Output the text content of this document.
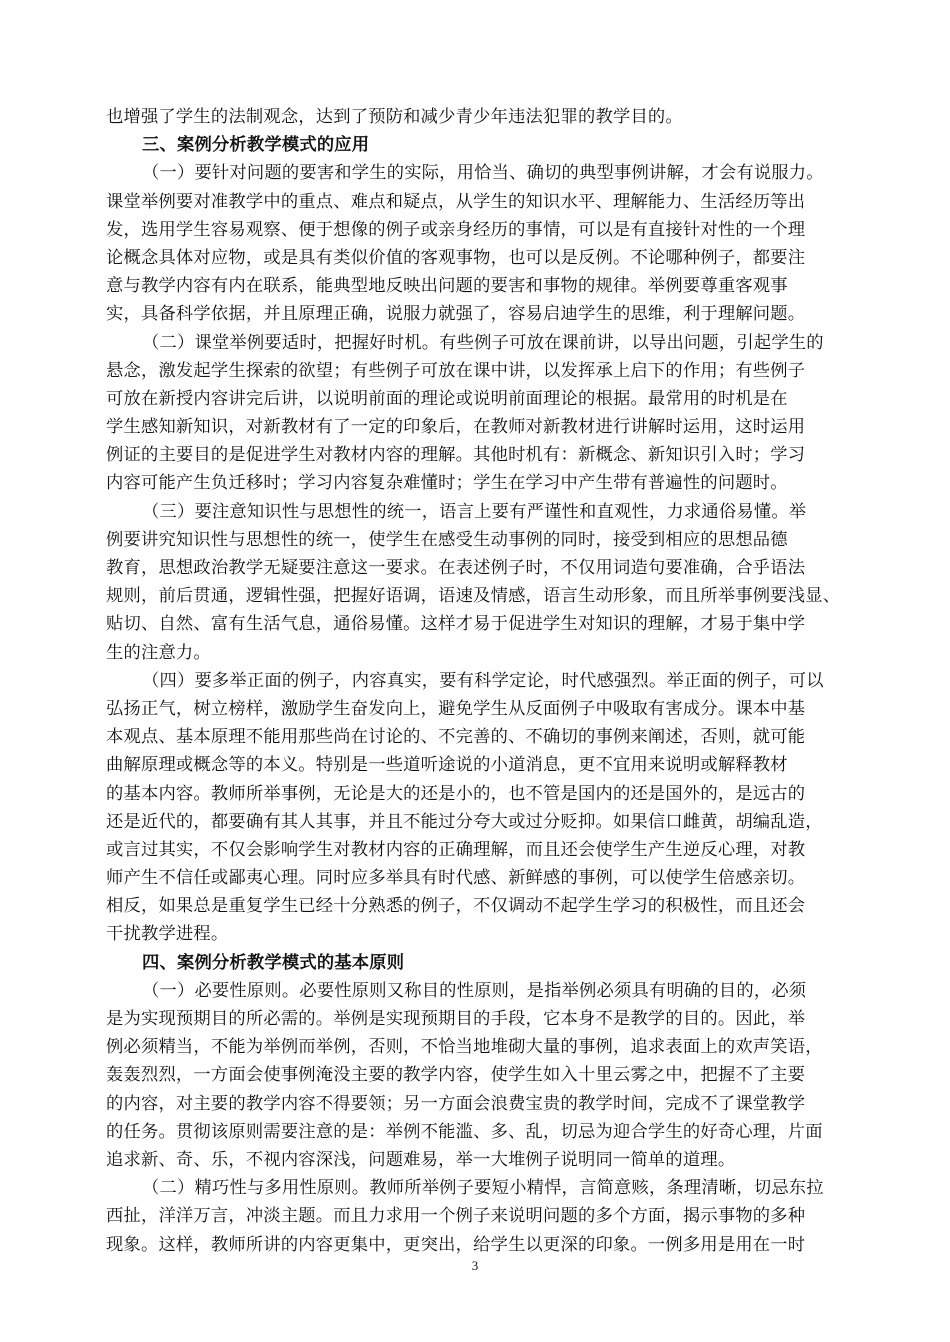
也增强了学生的法制观念，达到了预防和减少青少年违法犯罪的教学目的。
三、案例分析教学模式的应用
（一）要针对问题的要害和学生的实际，用恰当、确切的典型事例讲解，才会有说服力。
课堂举例要对准教学中的重点、难点和疑点，从学生的知识水平、理解能力、生活经历等出
发，选用学生容易观察、便于想像的例子或亲身经历的事情，可以是有直接针对性的一个理
论概念具体对应物，或是具有类似价值的客观事物，也可以是反例。不论哪种例子，都要注
意与教学内容有内在联系，能典型地反映出问题的要害和事物的规律。举例要尊重客观事
实，具备科学依据，并且原理正确，说服力就强了，容易启迪学生的思维，利于理解问题。
（二）课堂举例要适时，把握好时机。有些例子可放在课前讲，以导出问题，引起学生的
悬念，激发起学生探索的欲望；有些例子可放在课中讲，以发挥承上启下的作用；有些例子
可放在新授内容讲完后讲，以说明前面的理论或说明前面理论的根据。最常用的时机是在
学生感知新知识，对新教材有了一定的印象后，在教师对新教材进行讲解时运用，这时运用
例证的主要目的是促进学生对教材内容的理解。其他时机有：新概念、新知识引入时；学习
内容可能产生负迁移时；学习内容复杂难懂时；学生在学习中产生带有普遍性的问题时。
（三）要注意知识性与思想性的统一，语言上要有严谨性和直观性，力求通俗易懂。举
例要讲究知识性与思想性的统一，使学生在感受生动事例的同时，接受到相应的思想品德
教育，思想政治教学无疑要注意这一要求。在表述例子时，不仅用词造句要准确，合乎语法
规则，前后贯通，逻辑性强，把握好语调，语速及情感，语言生动形象，而且所举事例要浅显、
贴切、自然、富有生活气息，通俗易懂。这样才易于促进学生对知识的理解，才易于集中学
生的注意力。
（四）要多举正面的例子，内容真实，要有科学定论，时代感强烈。举正面的例子，可以
弘扬正气，树立榜样，激励学生奋发向上，避免学生从反面例子中吸取有害成分。课本中基
本观点、基本原理不能用那些尚在讨论的、不完善的、不确切的事例来阐述，否则，就可能
曲解原理或概念等的本义。特别是一些道听途说的小道消息，更不宜用来说明或解释教材
的基本内容。教师所举事例，无论是大的还是小的，也不管是国内的还是国外的，是远古的
还是近代的，都要确有其人其事，并且不能过分夸大或过分贬抑。如果信口雌黄，胡编乱造，
或言过其实，不仅会影响学生对教材内容的正确理解，而且还会使学生产生逆反心理，对教
师产生不信任或鄙夷心理。同时应多举具有时代感、新鲜感的事例，可以使学生倍感亲切。
相反，如果总是重复学生已经十分熟悉的例子，不仅调动不起学生学习的积极性，而且还会
干扰教学进程。
四、案例分析教学模式的基本原则
（一）必要性原则。必要性原则又称目的性原则，是指举例必须具有明确的目的，必须
是为实现预期目的所必需的。举例是实现预期目的手段，它本身不是教学的目的。因此，举
例必须精当，不能为举例而举例，否则，不恰当地堆砌大量的事例，追求表面上的欢声笑语，
轰轰烈烈，一方面会使事例淹没主要的教学内容，使学生如入十里云雾之中，把握不了主要
的内容，对主要的教学内容不得要领；另一方面会浪费宝贵的教学时间，完成不了课堂教学
的任务。贯彻该原则需要注意的是：举例不能滥、多、乱，切忌为迎合学生的好奇心理，片面
追求新、奇、乐，不视内容深浅，问题难易，举一大堆例子说明同一简单的道理。
（二）精巧性与多用性原则。教师所举例子要短小精悍，言简意赅，条理清晰，切忌东拉
西扯，洋洋万言，冲淡主题。而且力求用一个例子来说明问题的多个方面，揭示事物的多种
现象。这样，教师所讲的内容更集中，更突出，给学生以更深的印象。一例多用是用在一时
3
